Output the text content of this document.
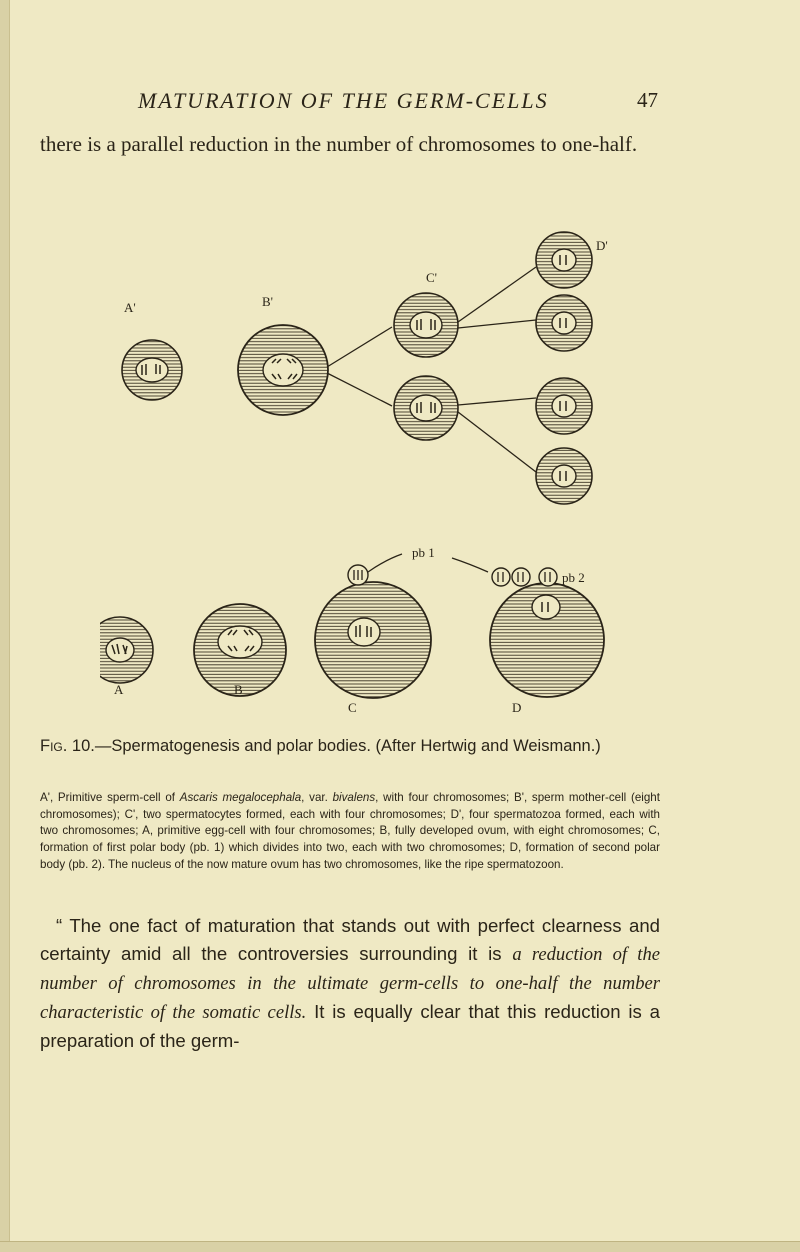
MATURATION OF THE GERM-CELLS	47

there is a parallel reduction in the number of chromosomes to one-half.

A'	B'
C'
D'
A	B
C	D
pb 1
pb 2
Fig. 10.—Spermatogenesis and polar bodies. (After Hertwig and Weismann.)
A', Primitive sperm-cell of Ascaris megalocephala, var. bivalens, with four chromosomes; B', sperm mother-cell (eight chromosomes); C', two spermatocytes formed, each with four chromosomes; D', four spermatozoa formed, each with two chromosomes; A, primitive egg-cell with four chromosomes; B, fully developed ovum, with eight chromosomes; C, formation of first polar body (pb. 1) which divides into two, each with two chromosomes; D, formation of second polar body (pb. 2). The nucleus of the now mature ovum has two chromosomes, like the ripe spermatozoon.

“ The one fact of maturation that stands out with perfect clearness and certainty amid all the controversies surrounding it is a reduction of the number of chromosomes in the ultimate germ-cells to one-half the number characteristic of the somatic cells. It is equally clear that this reduction is a preparation of the germ-
